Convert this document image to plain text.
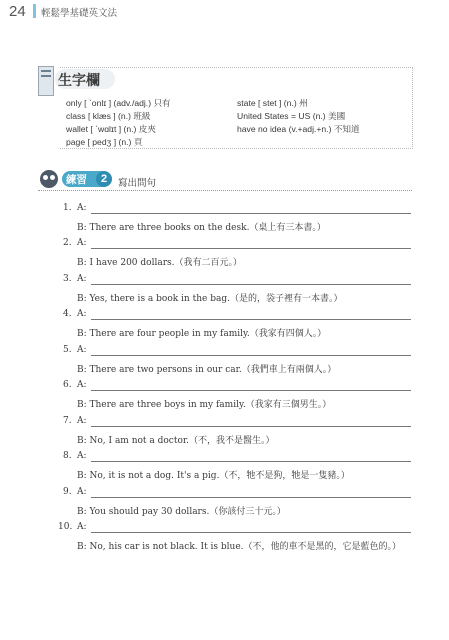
24 輕鬆學基礎英文法
生字欄
only [ ˋonlɪ ] (adv./adj.) 只有
class [ klæs ] (n.) 班級
wallet [ ˋwɑlɪt ] (n.) 皮夾
page [ pedʒ ] (n.) 頁
state [ stet ] (n.) 州
United States = US (n.) 美國
have no idea (v.+adj.+n.) 不知道
練習	2	寫出問句
1. A:
B: There are three books on the desk.（桌上有三本書。）
2. A:
B: I have 200 dollars.（我有二百元。）
3. A:
B: Yes, there is a book in the bag.（是的，袋子裡有一本書。）
4. A:
B: There are four people in my family.（我家有四個人。）
5. A:
B: There are two persons in our car.（我們車上有兩個人。）
6. A:
B: There are three boys in my family.（我家有三個男生。）
7. A:
B: No, I am not a doctor.（不，我不是醫生。）
8. A:
B: No, it is not a dog. It's a pig.（不，牠不是狗，牠是一隻豬。）
9. A:
B: You should pay 30 dollars.（你該付三十元。）
10. A:
B: No, his car is not black. It is blue.（不，他的車不是黑的，它是藍色的。）
